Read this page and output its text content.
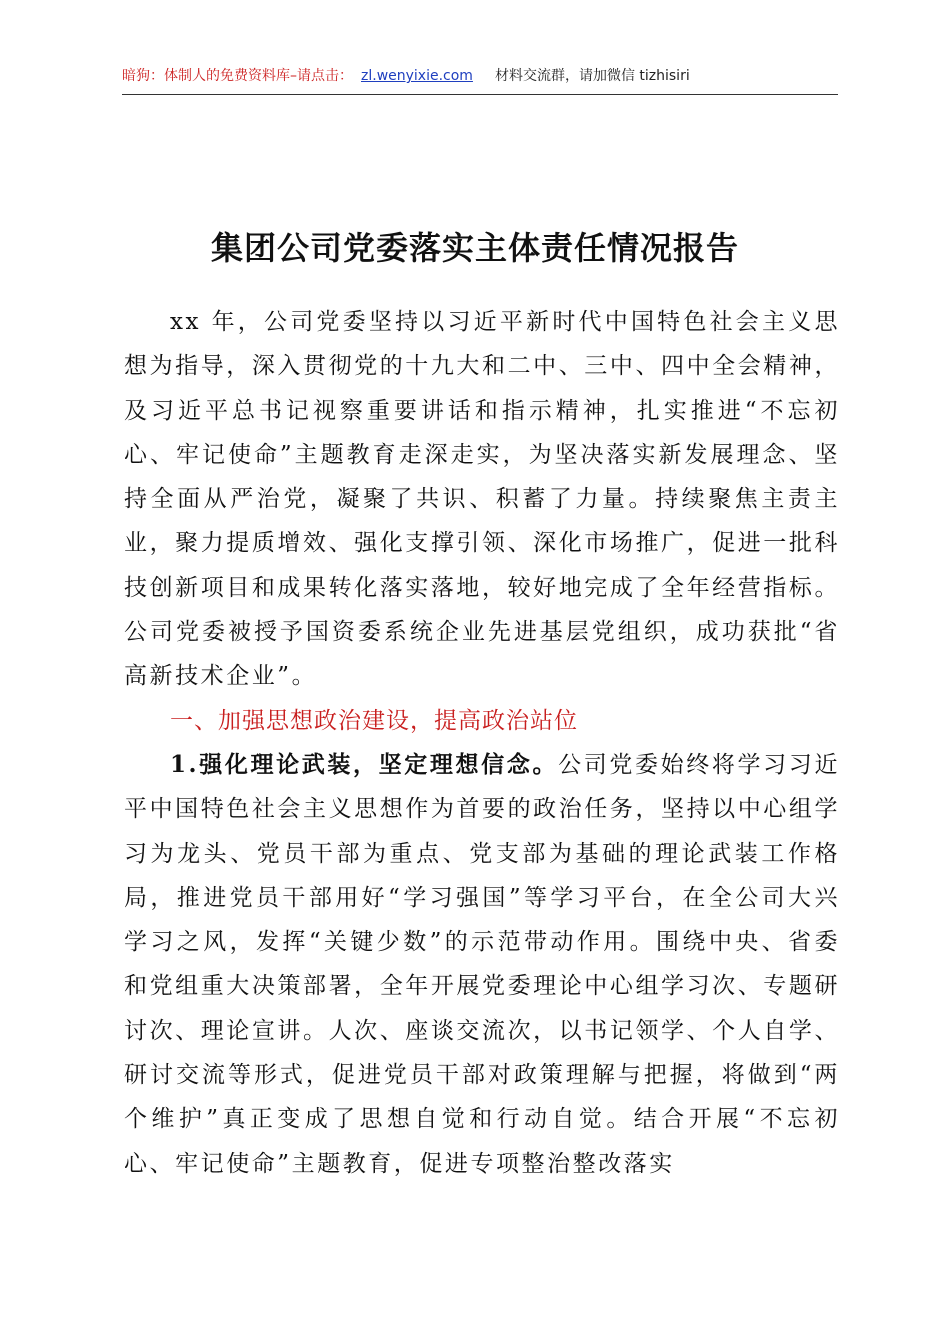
暗狗：体制人的免费资料库–请点击： zl.wenyixie.com 材料交流群，请加微信 tizhisiri
集团公司党委落实主体责任情况报告

xx 年，公司党委坚持以习近平新时代中国特色社会主义思想为指导，深入贯彻党的十九大和二中、三中、四中全会精神，及习近平总书记视察重要讲话和指示精神，扎实推进“不忘初心、牢记使命”主题教育走深走实，为坚决落实新发展理念、坚持全面从严治党，凝聚了共识、积蓄了力量。持续聚焦主责主业，聚力提质增效、强化支撑引领、深化市场推广，促进一批科技创新项目和成果转化落实落地，较好地完成了全年经营指标。公司党委被授予国资委系统企业先进基层党组织，成功获批“省高新技术企业”。

一、加强思想政治建设，提高政治站位

1.强化理论武装，坚定理想信念。公司党委始终将学习习近平中国特色社会主义思想作为首要的政治任务，坚持以中心组学习为龙头、党员干部为重点、党支部为基础的理论武装工作格局，推进党员干部用好“学习强国”等学习平台，在全公司大兴学习之风，发挥“关键少数”的示范带动作用。围绕中央、省委和党组重大决策部署，全年开展党委理论中心组学习次、专题研讨次、理论宣讲。人次、座谈交流次，以书记领学、个人自学、研讨交流等形式，促进党员干部对政策理解与把握，将做到“两个维护”真正变成了思想自觉和行动自觉。结合开展“不忘初心、牢记使命”主题教育，促进专项整治整改落实
